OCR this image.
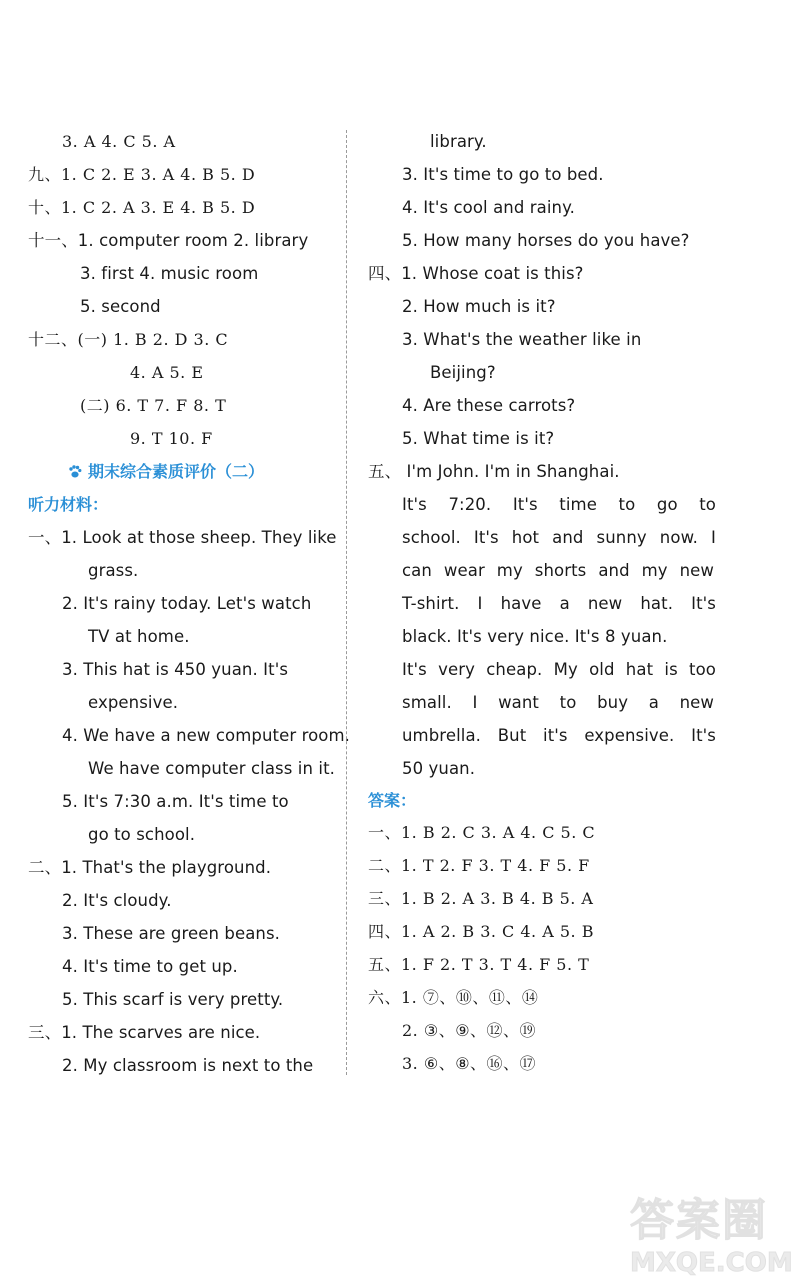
3. A 4. C 5. A
九、1. C 2. E 3. A 4. B 5. D
十、1. C 2. A 3. E 4. B 5. D
十一、1. computer room 2. library
3. first 4. music room
5. second
十二、(一) 1. B 2. D 3. C
4. A 5. E
(二) 6. T 7. F 8. T
9. T 10. F
期末综合素质评价（二）
听力材料：
一、1. Look at those sheep. They like
grass.
2. It's rainy today. Let's watch
TV at home.
3. This hat is 450 yuan. It's
expensive.
4. We have a new computer room.
We have computer class in it.
5. It's 7:30 a.m. It's time to
go to school.
二、1. That's the playground.
2. It's cloudy.
3. These are green beans.
4. It's time to get up.
5. This scarf is very pretty.
三、1. The scarves are nice.
2. My classroom is next to the
library.
3. It's time to go to bed.
4. It's cool and rainy.
5. How many horses do you have?
四、1. Whose coat is this?
2. How much is it?
3. What's the weather like in
Beijing?
4. Are these carrots?
5. What time is it?
五、 I'm John. I'm in Shanghai.
It's 7:20. It's time to go to
school. It's hot and sunny now. I
can wear my shorts and my new
T-shirt. I have a new hat. It's
black. It's very nice. It's 8 yuan.
It's very cheap. My old hat is too
small. I want to buy a new
umbrella. But it's expensive. It's
50 yuan.
答案：
一、1. B 2. C 3. A 4. C 5. C
二、1. T 2. F 3. T 4. F 5. F
三、1. B 2. A 3. B 4. B 5. A
四、1. A 2. B 3. C 4. A 5. B
五、1. F 2. T 3. T 4. F 5. T
六、1. ⑦、⑩、⑪、⑭
2. ③、⑨、⑫、⑲
3. ⑥、⑧、⑯、⑰
答案圈
MXQE.COM
